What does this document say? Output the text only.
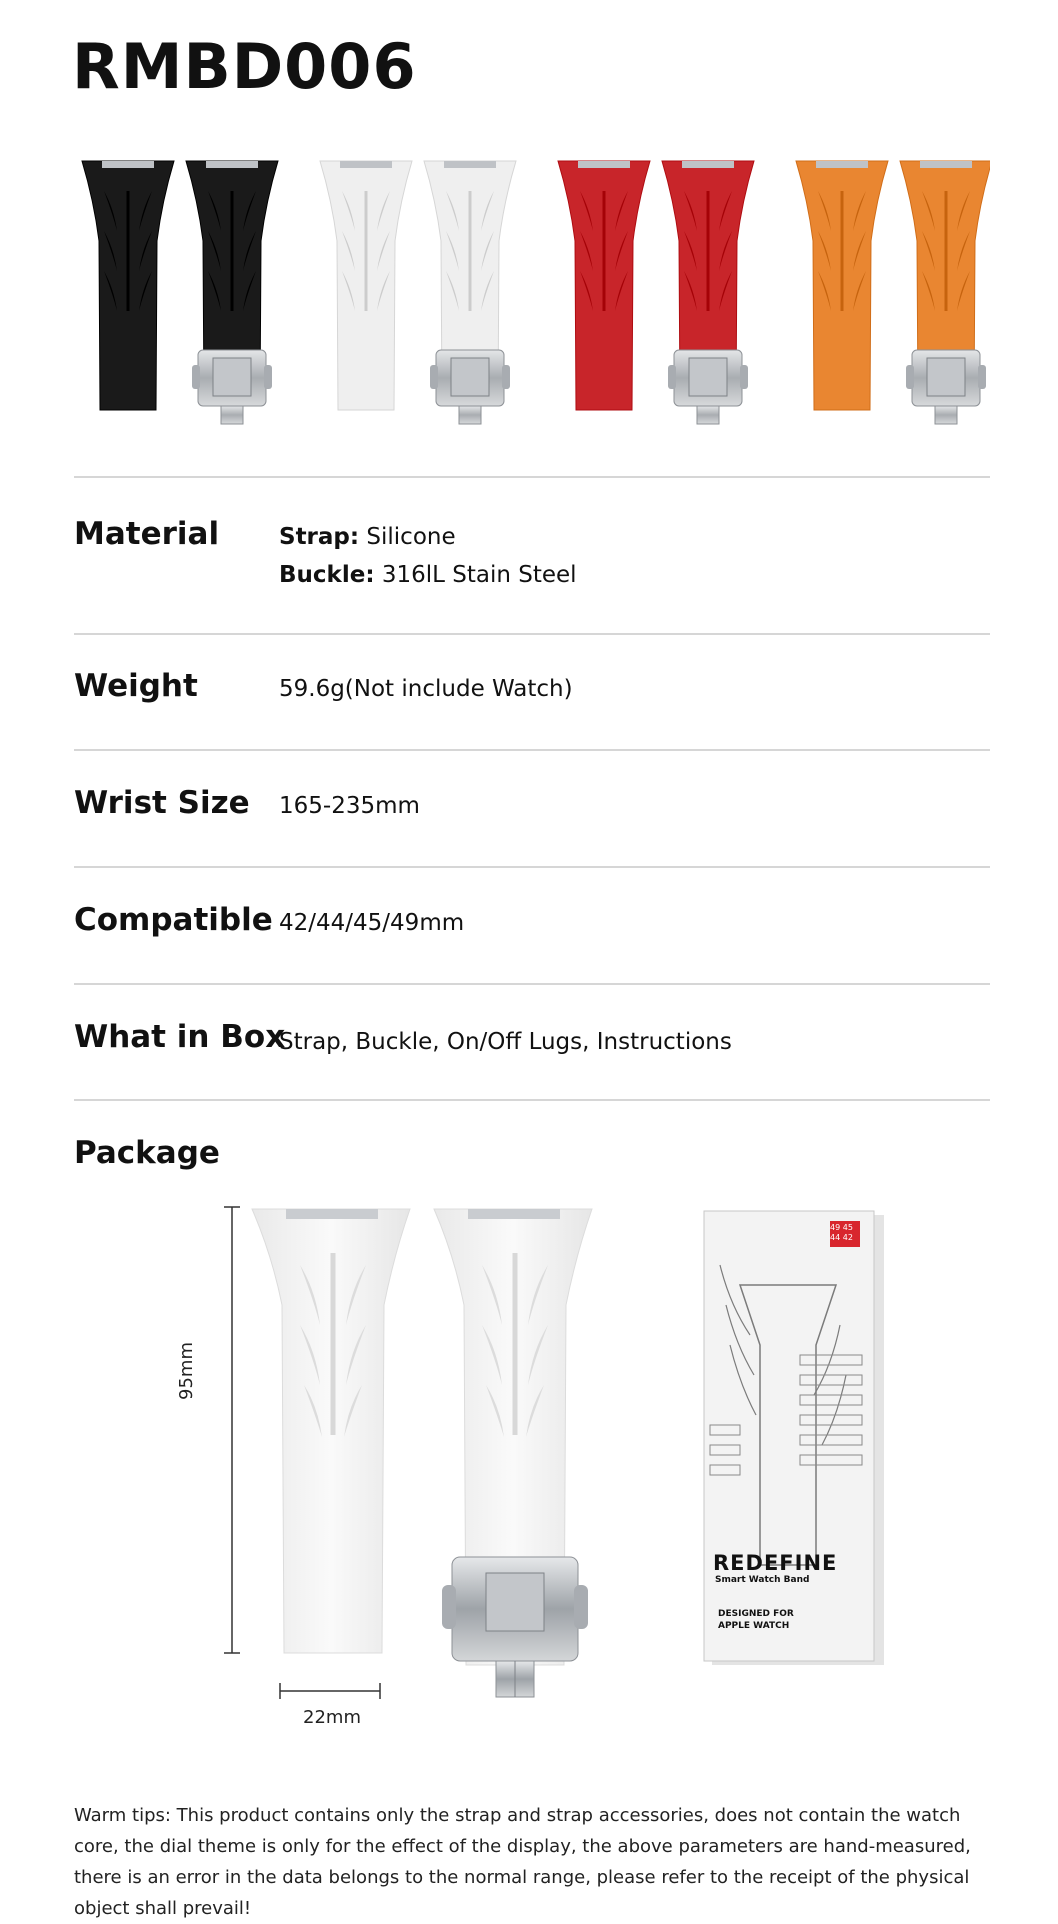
RMBD006
Material	Strap: Silicone
Buckle: 316lL Stain Steel
Weight	59.6g(Not include Watch)
Wrist Size 165-235mm
Compatible 42/44/45/49mm
What in Box
Strap, Buckle, On/Off Lugs, Instructions
Package
49 45
44 42
REDEFINE
Smart Watch Band
DESIGNED FOR
APPLE WATCH
95mm
22mm
Warm tips: This product contains only the strap and strap accessories, does not contain the watch core, the dial theme is only for the effect of the display, the above parameters are hand-measured, there is an error in the data belongs to the normal range, please refer to the receipt of the physical object shall prevail!
